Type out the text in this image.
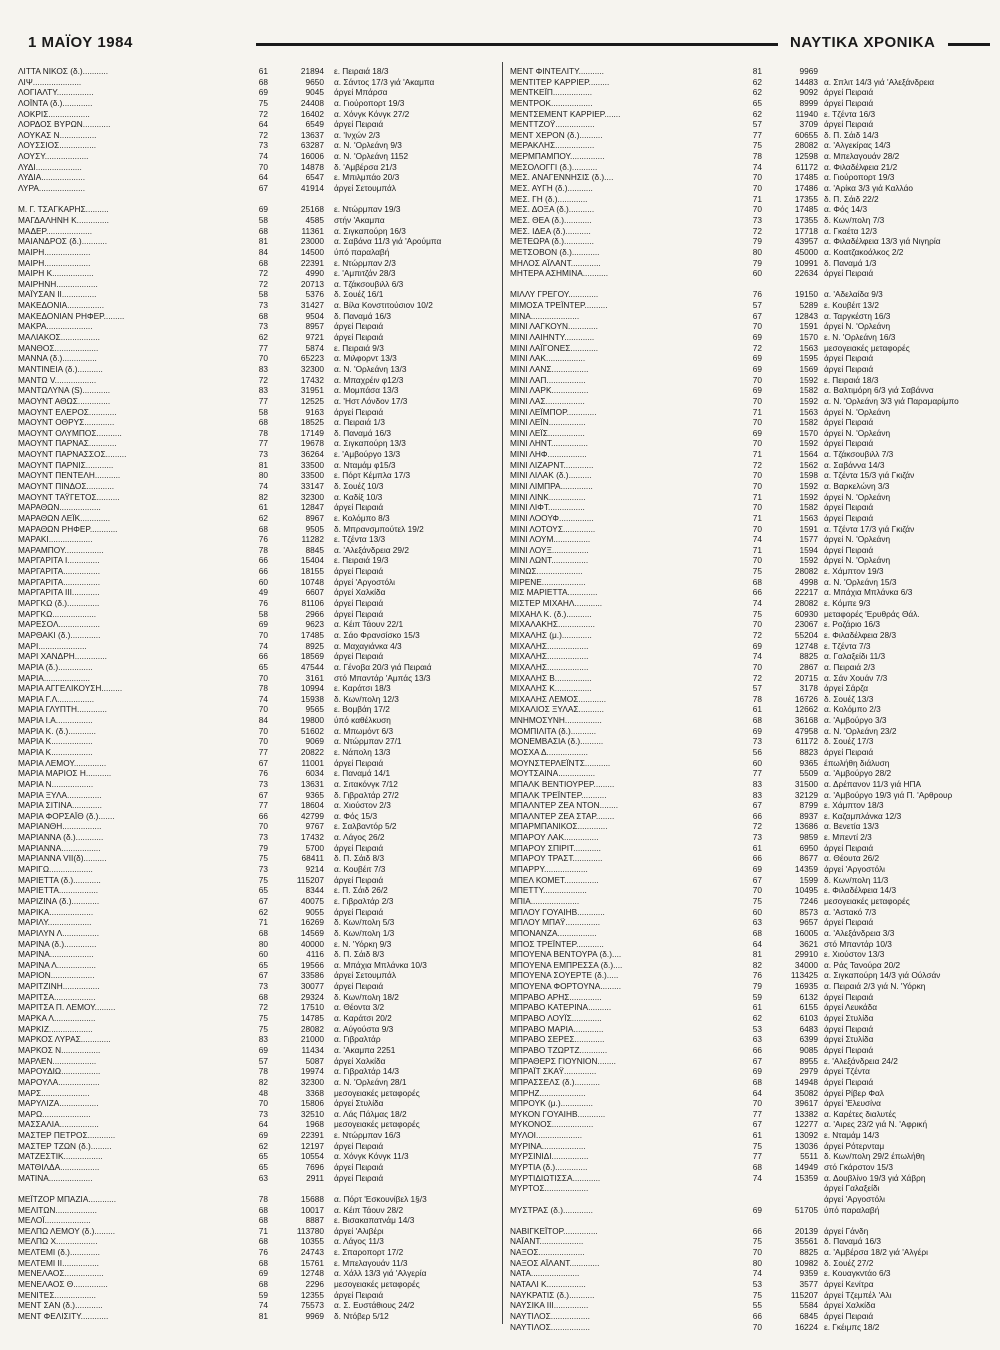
1 ΜΑΪΟΥ 1984	ΝΑΥΤΙΚΑ ΧΡΟΝΙΚΑ
ΛΙΤΤΑ ΝΙΚΟΣ (δ.)...........	61	21894 ε. Πειραιά 18/3
ΛΙΨ.....................	68	9650 α. Σάντος 17/3 γιά 'Ακαμπα
ΛΟΓΙΑΛΤΥ................	69	9045 άργεί Μπάρσα
ΛΟΪΝΤΑ (δ.).............	75	24408 α. Γιούροπορτ 19/3
ΛΟΚΡΙΣ..................	72	16402 α. Χόνγκ Κόνγκ 27/2
ΛΟΡΔΟΣ ΒΥΡΩΝ............	64	6549 άργεί Πειραιά
ΛΟΥΚΑΣ Ν................	72	13637 α. 'Ινχών 2/3
ΛΟΥΣΣΙΟΣ................	73	63287 α. Ν. 'Ορλεάνη 9/3
ΛΟΥΣΥ...................	74	16006 α. Ν. 'Ορλεάνη 1152
ΛΥΔΙ....................	70	14878 δ. 'Αμβέρσα 21/3
ΛΥΔΙΑ...................	64	6547 ε. Μπιλμπάο 20/3
ΛΥΡΑ....................	67	41914 άργεί Σετουμπάλ
Μ. Γ. ΤΣΑΓΚΑΡΗΣ..........	69	25168 ε. Ντώρμπαν 19/3
ΜΑΓΔΑΛΗΝΗ Κ..............	58	4585 στήν 'Ακαμπα
ΜΑΔΕΡ....................	68	11361 α. Σιγκαπούρη 16/3
ΜΑΙΑΝΔΡΟΣ (δ.)...........	81	23000 α. Σαβάνα 11/3 γιά 'Αρούμπα
ΜΑΙΡΗ....................	84	14500 ύπό παραλαβή
ΜΑΙΡΗ....................	68	22391 ε. Ντώρμπαν 2/3
ΜΑΙΡΗ Κ..................	72	4990 ε. 'Αμπιτζάν 28/3
ΜΑΙΡΗΝΗ..................	72	20713 α. Τζάκσουβιλλ 6/3
ΜΑΪΥΣΑΝ ΙΙ...............	58	5376 δ. Σουέζ 16/1
ΜΑΚΕΔΟΝΙΑ................	73	31427 α. Βίλα Κονστιτούσιον 10/2
ΜΑΚΕΔΟΝΙΑΝ ΡΗΦΕΡ.........	68	9504 δ. Παναμά 16/3
ΜΑΚΡΑ....................	73	8957 άργεί Πειραιά
ΜΑΛΙΑΚΟΣ.................	62	9721 άργεί Πειραιά
ΜΑΝΘΟΣ...................	77	5874 ε. Πειραιά 9/3
ΜΑΝΝΑ (δ.)...............	70	65223 α. Μιλφορντ 13/3
ΜΑΝΤΙΝΕΙΑ (δ.)...........	83	32300 α. Ν. 'Ορλεάνη 13/3
ΜΑΝΤΩ V..................	72	17432 α. Μπαχρέιν φ12/3
ΜΑΝΤΩΛΥΝΑ (S)............	83	31951 α. Μομπάσα 13/3
ΜΑΟΥΝΤ ΑΘΩΣ..............	77	12525 α. 'Ηστ Λόνδον 17/3
ΜΑΟΥΝΤ ΕΛΕΡΟΣ............	58	9163 άργεί Πειραιά
ΜΑΟΥΝΤ ΟΘΡΥΣ.............	68	18525 α. Πειραιά 1/3
ΜΑΟΥΝΤ ΟΛΥΜΠΟΣ...........	78	17149 δ. Παναμά 16/3
ΜΑΟΥΝΤ ΠΑΡΝΑΣ............	77	19678 α. Σιγκαπούρη 13/3
ΜΑΟΥΝΤ ΠΑΡΝΑΣΣΟΣ.........	73	36264 ε. 'Αμβούργο 13/3
ΜΑΟΥΝΤ ΠΑΡΝΙΣ............	81	33500 α. Νταμάμ φ15/3
ΜΑΟΥΝΤ ΠΕΝΤΕΛΗ...........	80	33500 ε. Πόρτ Κέμπλα 17/3
ΜΑΟΥΝΤ ΠΙΝΔΟΣ............	74	33147 δ. Σουέζ 10/3
ΜΑΟΥΝΤ ΤΑΫΓΕΤΟΣ..........	82	32300 α. Καδίξ 10/3
ΜΑΡΑΘΩΝ..................	61	12847 άργεί Πειραιά
ΜΑΡΑΘΩΝ ΛΕΪΚ.............	62	8967 ε. Κολόμπο 8/3
ΜΑΡΑΘΩΝ ΡΗΦΕΡ............	68	9505 δ. Μπρανσμπούτελ 19/2
ΜΑΡΑΚΙ...................	76	11282 ε. Τζέντα 13/3
ΜΑΡΑΜΠΟΥ.................	78	8845 α. 'Αλεξάνδρεια 29/2
ΜΑΡΓΑΡΙΤΑ Ι..............	66	15404 ε. Πειραιά 19/3
ΜΑΡΓΑΡΙΤΑ................	66	18155 άργεί Πειραιά
ΜΑΡΓΑΡΙΤΑ................	60	10748 άργεί 'Αργοστόλι
ΜΑΡΓΑΡΙΤΑ ΙΙΙ............	49	6607 άργεί Χαλκίδα
ΜΑΡΓΚΩ (δ.)..............	76	81106 άργεί Πειραιά
ΜΑΡΓΚΩ...................	58	2966 άργεί Πειραιά
ΜΑΡΕΣΟΛ..................	69	9623 α. Κέιπ Τάουν 22/1
ΜΑΡΘΑΚΙ (δ.).............	70	17485 α. Σάο Φρανσίσκο 15/3
ΜΑΡΙ.....................	74	8925 α. Μαχαγιάνκα 4/3
ΜΑΡΙ ΧΑΝΔΡΗ..............	66	18569 άργεί Πειραιά
ΜΑΡΙΑ (δ.)...............	65	47544 α. Γένοβα 20/3 γιά Πειραιά
ΜΑΡΙΑ....................	70	3161 στό Μπαντάρ 'Αμπάς 13/3
ΜΑΡΙΑ ΑΓΓΕΛΙΚΟΥΣΗ.........	78	10994 ε. Καράτσι 18/3
ΜΑΡΙΑ Γ.Λ................	74	15938 δ. Κων/πολη 12/3
ΜΑΡΙΑ ΓΛΥΠΤΗ.............	70	9565 ε. Βομβάη 17/2
ΜΑΡΙΑ Ι.Α................	84	19800 ύπό καθέλκυση
ΜΑΡΙΑ Κ. (δ.)............	70	51602 α. Μπωμόντ 6/3
ΜΑΡΙΑ Κ..................	70	9069 α. Ντώρμπαν 27/1
ΜΑΡΙΑ Κ..................	77	20822 ε. Νάπολη 13/3
ΜΑΡΙΑ ΛΕΜΟΥ..............	67	11001 άργεί Πειραιά
ΜΑΡΙΑ ΜΑΡΙΟΣ Η...........	76	6034 ε. Παναμά 14/1
ΜΑΡΙΑ Ν..................	73	13631 α. Σιτακόνγκ 7/12
ΜΑΡΙΑ ΞΥΛΑ...............	67	9365 δ. Γιβραλτάρ 27/2
ΜΑΡΙΑ ΣΙΤΙΝΑ.............	77	18604 α. Χιούστον 2/3
ΜΑΡΙΑ ΦΟΡΣΑΪΘ (δ.).......	66	42799 α. Φός 15/3
ΜΑΡΙΑΝΘΗ.................	70	9767 ε. Σαλβαντόρ 5/2
ΜΑΡΙΑΝΝΑ (δ.)............	73	17432 α. Λάγος 26/2
ΜΑΡΙΑΝΝΑ.................	79	5700 άργεί Πειραιά
ΜΑΡΙΑΝΝΑ VII(δ)..........	75	68411 δ. Π. Σάιδ 8/3
ΜΑΡΙΓΩ...................	73	9214 α. Κουβέιτ 7/3
ΜΑΡΙΕΤΤΑ (δ.)............	75	115207 άργεί Πειραιά
ΜΑΡΙΕΤΤΑ.................	65	8344 ε. Π. Σάιδ 26/2
ΜΑΡΙΖΙΝΑ (δ.)............	67	40075 ε. Γιβραλτάρ 2/3
ΜΑΡΙΚΑ...................	62	9055 άργεί Πειραιά
ΜΑΡΙΛΥ...................	71	16269 δ. Κων/πολη 5/3
ΜΑΡΙΛΥΝ Λ................	68	14569 δ. Κων/πολη 1/3
ΜΑΡΙΝΑ (δ.)..............	80	40000 ε. Ν. 'Υόρκη 9/3
ΜΑΡΙΝΑ...................	60	4116 δ. Π. Σάιδ 8/3
ΜΑΡΙΝΑ Λ.................	65	19566 α. Μπάχια Μπλάνκα 10/3
ΜΑΡΙΟΝ...................	67	33586 άργεί Σετουμπάλ
ΜΑΡΙΤΖΙΝΗ................	73	30077 άργεί Πειραιά
ΜΑΡΙΤΣΑ..................	68	29324 δ. Κων/πολη 18/2
ΜΑΡΙΤΣΑ Π. ΛΕΜΟΥ.........	72	17510 α. Θέοντα 3/2
ΜΑΡΚΑ Λ..................	75	14785 α. Καράτσι 20/2
ΜΑΡΚΙΖ...................	75	28082 α. Αύγούστα 9/3
ΜΑΡΚΟΣ ΛΥΡΑΣ.............	83	21000 α. Γιβραλτάρ
ΜΑΡΚΟΣ Ν.................	69	11434 α. 'Ακαμπα 2251
ΜΑΡΛΕΝ...................	57	5087 άργεί Χαλκίδα
ΜΑΡΟΥΔΙΩ.................	78	19974 α. Γιβραλτάρ 14/3
ΜΑΡΟΥΛΑ..................	82	32300 α. Ν. 'Ορλεάνη 28/1
ΜΑΡΣ.....................	48	3368 μεσογειακές μεταφορές
ΜΑΡΥΛΙΖΑ.................	70	15806 άργεί Στυλίδα
ΜΑΡΩ.....................	73	32510 α. Λάς Πάλμας 18/2
ΜΑΣΣΑΛΙΑ.................	64	1968 μεσογειακές μεταφορές
ΜΑΣΤΕΡ ΠΕΤΡΟΣ............	69	22391 ε. Ντώρμπαν 16/3
ΜΑΣΤΕΡ ΤΖΩΝ (δ.).........	62	12197 άργεί Πειραιά
ΜΑΤΖΕΣΤΙΚ.................	65	10554 α. Χόνγκ Κόνγκ 11/3
ΜΑΤΘΙΛΔΑ.................	65	7696 άργεί Πειραιά
ΜΑΤΙΝΑ...................	63	2911 άργεί Πειραιά
ΜΕΪΤΖΟΡ ΜΠΑΖΙΑ............	78	15688 α. Πόρτ 'Εσκουνίβελ 1§/3
ΜΕΛΙΤΩΝ..................	68	10017 α. Κέιπ Τάουν 28/2
ΜΕΛΟΪ....................	68	8887 ε. Βισακαπατνάμ 14/3
ΜΕΛΠΩ ΛΕΜΟΥ (δ.).........	71	113780 άργεί 'Αλιβέρι
ΜΕΛΠΩ Χ..................	68	10355 α. Λάγος 11/3
ΜΕΛΤΕΜΙ (δ.).............	76	24743 ε. Σπαροπορτ 17/2
ΜΕΛΤΕΜΙ ΙΙ................	68	15761 ε. Μπελαγουάν 11/3
ΜΕΝΕΛΑΟΣ.................	69	12748 α. Χάλλ 13/3 γιά 'Αλγερία
ΜΕΝΕΛΑΟΣ Θ...............	68	2296 μεσογειακές μεταφορές
ΜΕΝΙΤΕΣ..................	59	12355 άργεί Πειραιά
ΜΕΝΤ ΣΑΝ (δ.)............	74	75573 α. Σ. Ευστάθιους 24/2
ΜΕΝΤ ΦΕΛΙΣΙΤΥ............	81	9969 δ. Ντόβερ 5/12
ΜΕΝΤ ΦΙΝΤΕΛΙΤΥ...........	81	9969
ΜΕΝΤΙΤΕΡ ΚΑΡΡΙΕΡ.........	62	14483 α. Σπλιτ 14/3 γιά 'Αλεξάνδρεια
ΜΕΝΤΚΕΪΠ.................	62	9092 άργεί Πειραιά
ΜΕΝΤΡΟΚ..................	65	8999 άργεί Πειραιά
ΜΕΝΤΣΕΜΕΝΤ ΚΑΡΡΙΕΡ.......	62	11940 ε. Τζέντα 16/3
ΜΕΝΤΤΖΟΫ.................	57	3709 άργεί Πειραιά
ΜΕΝΤ ΧΕΡΟΝ (δ.)..........	77	60655 δ. Π. Σάιδ 14/3
ΜΕΡΑΚΛΗΣ.................	75	28082 α. 'Αλγεκίρας 14/3
ΜΕΡΜΠΑΜΠΟΥ...............	78	12598 α. Μπελαγουάν 28/2
ΜΕΣΟΛΟΓΓΙ (δ.)...........	74	61172 α. Φιλαδέλφεια 21/2
ΜΕΣ. ΑΝΑΓΕΝΝΗΣΙΣ (δ.)....	70	17485 α. Γιούροπορτ 19/3
ΜΕΣ. ΑΥΓΗ (δ.)...........	70	17486 α. 'Αρίκα 3/3 γιά Καλλάο
ΜΕΣ. ΓΗ (δ.).............	71	17355 δ. Π. Σάιδ 22/2
ΜΕΣ. ΔΟΞΑ (δ.)...........	70	17485 α. Φός 14/3
ΜΕΣ. ΘΕΑ (δ.)............	73	17355 δ. Κων/πολη 7/3
ΜΕΣ. ΙΔΕΑ (δ.)...........	72	17718 α. Γκαέτα 12/3
ΜΕΤΕΩΡΑ (δ.).............	79	43957 α. Φιλαδέλφεια 13/3 γιά Νιγηρία
ΜΕΤΣΟΒΟΝ (δ.)............	80	45000 α. Κοατζακοάλκος 2/2
ΜΗΛΟΣ ΑΪΛΑΝΤ.............	79	10991 δ. Παναμά 1/3
ΜΗΤΕΡΑ ΑΣΗΜΙΝΑ...........	60	22634 άργεί Πειραιά
ΜΙΛΛΥ ΓΡΕΓΟΥ.............	76	19150 α. 'Αδελαίδα 9/3
ΜΙΜΟΣΑ ΤΡΕΪΝΤΕΡ..........	57	5289 ε. Κουβέιτ 13/2
ΜΙΝΑ.....................	67	12843 α. Ταργκέστη 16/3
ΜΙΝΙ ΛΑΓΚΟΥΝ.............	70	1591 άργεί Ν. 'Ορλεάνη
ΜΙΝΙ ΛΑΙΗΝΤΥ.............	69	1570 ε. Ν. 'Ορλεάνη 16/3
ΜΙΝΙ ΛΑΪΓΟΝΕΣ............	72	1563 μεσογειακές μεταφορές
ΜΙΝΙ ΛΑΚ.................	69	1595 άργεί Πειραιά
ΜΙΝΙ ΛΑΝΣ................	69	1569 άργεί Πειραιά
ΜΙΝΙ ΛΑΠ.................	70	1592 ε. Πειραιά 18/3
ΜΙΝΙ ΛΑΡΚ................	69	1582 α. Βαλτιμόρη 6/3 γιά Σαβάννα
ΜΙΝΙ ΛΑΣ.................	70	1592 α. Ν. 'Ορλεάνη 3/3 γιά Παραμαρίμπο
ΜΙΝΙ ΛΕΪΜΠΟΡ.............	71	1563 άργεί Ν. 'Ορλεάνη
ΜΙΝΙ ΛΕΪΝ................	70	1582 άργεί Πειραιά
ΜΙΝΙ ΛΕΪΣ................	69	1570 άργεί Ν. 'Ορλεάνη
ΜΙΝΙ ΛΗΝΤ................	70	1592 άργεί Πειραιά
ΜΙΝΙ ΛΗΦ.................	71	1564 α. Τζάκσουβιλλ 7/3
ΜΙΝΙ ΛΙΖΑΡΝΤ.............	72	1562 α. Σαβάννα 14/3
ΜΙΝΙ ΛΙΛΑΚ (δ.)..........	70	1598 α. Τζέντα 15/3 γιά Γκιζάν
ΜΙΝΙ ΛΙΜΠΡΑ..............	70	1592 α. Βαρκελώνη 3/3
ΜΙΝΙ ΛΙΝΚ................	71	1592 άργεί Ν. 'Ορλεάνη
ΜΙΝΙ ΛΙΦΤ................	70	1582 άργεί Πειραιά
ΜΙΝΙ ΛΟΟΥΦ...............	71	1563 άργεί Πειραιά
ΜΙΝΙ ΛΟΤΟΥΣ..............	70	1591 α. Τζέντα 17/3 γιά Γκιζάν
ΜΙΝΙ ΛΟΥΜ................	74	1577 άργεί Ν. 'Ορλεάνη
ΜΙΝΙ ΛΟΥΞ................	71	1594 άργεί Πειραιά
ΜΙΝΙ ΛΩΝΤ................	70	1592 άργεί Ν. 'Ορλεάνη
ΜΙΝΩΣ....................	75	28082 ε. Χάμπτον 19/3
ΜΙΡΕΝΕ...................	68	4998 α. Ν. 'Ορλεάνη 15/3
ΜΙΣ ΜΑΡΙΕΤΤΑ.............	66	22217 α. Μπάχια Μπλάνκα 6/3
ΜΙΣΤΕΡ ΜΙΧΑΗΛ............	74	28082 ε. Κόμπε 9/3
ΜΙΧΑΗΛ Κ. (δ.)...........	75	60930 μεταφορές 'Ερυθράς Θάλ.
ΜΙΧΑΛΑΚΗΣ................	70	23067 ε. Ροζάριο 16/3
ΜΙΧΑΛΗΣ (μ.).............	72	55204 ε. Φιλαδέλφεια 28/3
ΜΙΧΑΛΗΣ..................	69	12748 ε. Τζέντα 7/3
ΜΙΧΑΛΗΣ..................	74	8825 α. Γαλαξείδι 11/3
ΜΙΧΑΛΗΣ..................	70	2867 α. Πειραιά 2/3
ΜΙΧΑΛΗΣ Β................	72	20715 α. Σάν Χουάν 7/3
ΜΙΧΑΛΗΣ Κ................	57	3178 άργεί Σάρζα
ΜΙΧΑΛΗΣ ΛΕΜΟΣ............	78	16726 δ. Σουέζ 13/3
ΜΙΧΑΛΙΟΣ ΞΥΛΑΣ...........	61	12662 α. Κολόμπο 2/3
ΜΝΗΜΟΣΥΝΗ................	68	36168 α. 'Αμβούργο 3/3
ΜΟΜΠΙΛΙΤΑ (δ.)...........	69	47958 α. Ν. 'Ορλεάνη 23/2
ΜΟΝΕΜΒΑΣΙΑ (δ.)..........	73	61172 δ. Σουέζ 17/3
ΜΟΣΧΑ Δ..................	56	8823 άργεί Πειραιά
ΜΟΥΝΣΤΕΡΛΕΪΝΤΣ...........	60	9365 έπωλήθη διάλυση
ΜΟΥΤΣΑΙΝΑ................	77	5509 α. 'Αμβούργο 28/2
ΜΠΑΛΚ ΒΕΝΤΙΟΥΡΕΡ.........	83	31500 α. Δρέπανον 11/3 γιά ΗΠΑ
ΜΠΑΛΚ ΤΡΕΪΝΤΕΡ...........	83	32129 α. 'Αμβούργο 19/3 γιά Π. 'Αρθρουρ
ΜΠΑΛΝΤΕΡ ΖΕΑ ΝΤΟΝ........	67	8799 ε. Χάμπτον 18/3
ΜΠΑΛΝΤΕΡ ΖΕΑ ΣΤΑΡ........	66	8937 ε. Καζαμπλάνκα 12/3
ΜΠΑΡΜΠΑΝΙΚΟΣ.............	72	13686 α. Βενετία 13/3
ΜΠΑΡΟΥ ΛΑΚ...............	73	9859 ε. Μπεντί 2/3
ΜΠΑΡΟΥ ΣΠΙΡΙΤ............	61	6950 άργεί Πειραιά
ΜΠΑΡΟΥ ΤΡΑΣΤ.............	66	8677 α. Θέουτα 26/2
ΜΠΑΡΡΥ...................	69	14359 άργεί 'Αργοστόλι
ΜΠΕΛ ΚΟΜΕΤ...............	67	1599 δ. Κων/πολη 11/3
ΜΠΕΤΤΥ...................	70	10495 ε. Φιλαδέλφεια 14/3
ΜΠΙΑ.....................	75	7246 μεσογειακές μεταφορές
ΜΠΛΟΥ ΓΟΥΑΙΗΒ............	60	8573 α. 'Αστακό 7/3
ΜΠΛΟΥ ΜΠΑΫ...............	63	9657 άργεί Πειραιά
ΜΠΟΝΑΝΖΑ.................	68	16005 α. 'Αλεξάνδρεια 3/3
ΜΠΟΣ ΤΡΕΪΝΤΕΡ............	64	3621 στό Μπαντάρ 10/3
ΜΠΟΥΕΝΑ ΒΕΝΤΟΥΡΑ (δ.)....	81	29910 ε. Χιούστον 13/3
ΜΠΟΥΕΝΑ ΕΜΠΡΕΣΣΑ (δ.)....	82	34000 α. Ράς Τανούρα 20/2
ΜΠΟΥΕΝΑ ΣΟΥΕΡΤΕ (δ.).....	76	113425 α. Σιγκαπούρη 14/3 γιά Ούλσάν
ΜΠΟΥΕΝΑ ΦΟΡΤΟΥΝΑ.........	79	16935 α. Πειραιά 2/3 γιά Ν. 'Υόρκη
ΜΠΡΑΒΟ ΑΡΗΣ..............	59	6132 άργεί Πειραιά
ΜΠΡΑΒΟ ΚΑΤΕΡΙΝΑ..........	61	6155 άργεί Λευκάδα
ΜΠΡΑΒΟ ΛΟΥΪΣ.............	62	6103 άργεί Στυλίδα
ΜΠΡΑΒΟ ΜΑΡΙΑ.............	53	6483 άργεί Πειραιά
ΜΠΡΑΒΟ ΣΕΡΕΣ.............	63	6399 άργεί Στυλίδα
ΜΠΡΑΒΟ ΤΖΩΡΤΖ............	66	9085 άργεί Πειραιά
ΜΠΡΑΘΕΡΣ ΓΙΟΥΝΙΟΝ........	67	8955 ε. 'Αλεξάνδρεια 24/2
ΜΠΡΑΪΤ ΣΚΑΫ..............	69	2979 άργεί Τζέντα
ΜΠΡΑΣΣΕΛΣ (δ.)...........	68	14948 άργεί Πειραιά
ΜΠΡΗΖ....................	64	35082 άργεί Ρίβερ Φαλ
ΜΠΡΟΥΚ (μ.)..............	70	39617 άργεί 'Ελευσίνα
ΜΥΚΟΝ ΓΟΥΑΙΗΒ............	77	13382 α. Καρέτες διαλυτές
ΜΥΚΟΝΟΣ..................	67	12277 α. 'Αιρες 23/2 γιά Ν. 'Αφρική
ΜΥΛΟΙ....................	61	13092 ε. Νταμάμ 14/3
ΜΥΡΙΝΑ...................	75	13036 άργεί Ρότερνταμ
ΜΥΡΣΙΝΙΔΙ................	77	5511 δ. Κων/πολη 29/2 έπωλήθη
ΜΥΡΤΙΑ (δ.)..............	68	14949 στό Γκάρστον 15/3
ΜΥΡΤΙΔΙΩΤΙΣΣΑ............	74	15359 α. Δουβλίνο 19/3 γιά Χάβρη
ΜΥΡΤΟΣ...................	άργεί Γαλαξείδι
άργεί 'Αργοστόλι
ΜΥΣΤΡΑΣ (δ.).............	69	51705 ύπό παραλαβή
ΝΑΒΙΓΚΕΪΤΟΡ...............	66	20139 άργεί Γάνδη
ΝΑΪΑΝΤ...................	75	35561 δ. Παναμά 16/3
ΝΑΞΟΣ....................	70	8825 α. 'Αμβέρσα 18/2 γιά 'Αλγέρι
ΝΑΞΟΣ ΑΪΛΑΝΤ.............	80	10982 δ. Σουέζ 27/2
ΝΑΤΑ.....................	74	9359 ε. Κουαγκντάο 6/3
ΝΑΤΑΛΙ Κ.................	53	3577 άργεί Κενίτρα
ΝΑΥΚΡΑΤΙΣ (δ.)...........	75	115207 άργεί Τζεμπέλ 'Αλι
ΝΑΥΣΙΚΑ ΙΙΙ...............	55	5584 άργεί Χαλκίδα
ΝΑΥΤΙΛΟΣ.................	66	6845 άργεί Πειραιά
ΝΑΥΤΙΛΟΣ.................	70	16224 ε. Γκέιμπς 18/2
